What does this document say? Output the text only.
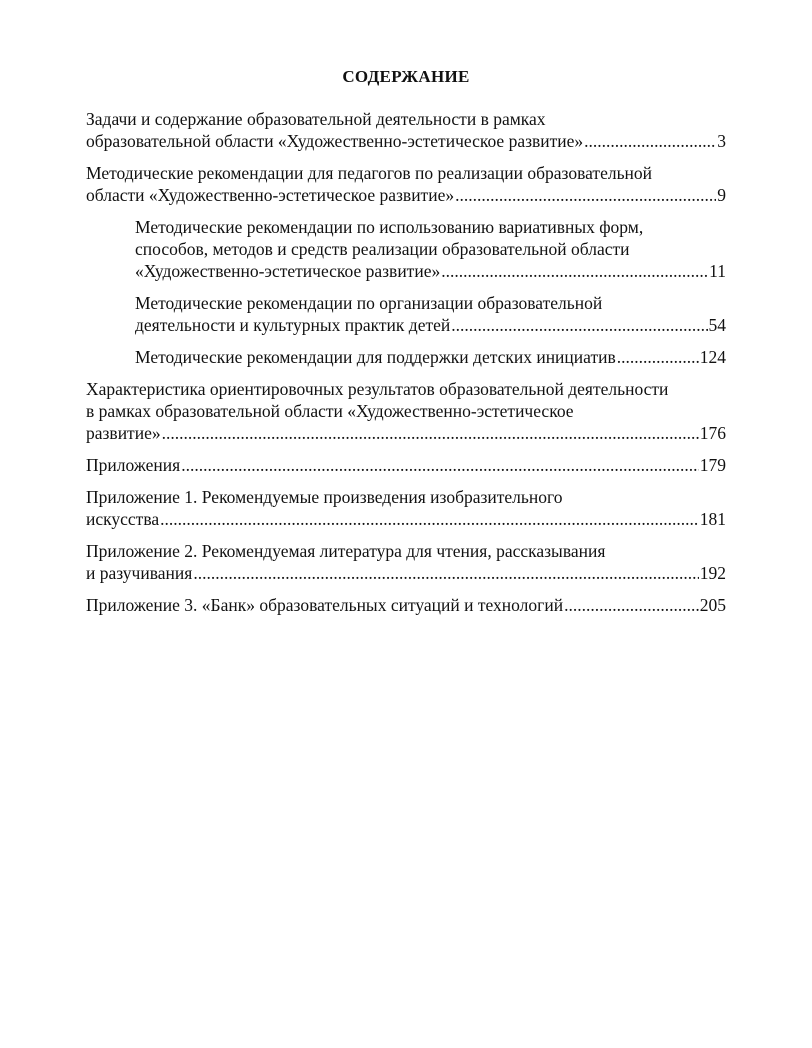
СОДЕРЖАНИЕ
Задачи и содержание образовательной деятельности в рамках
образовательной области «Художественно-эстетическое развитие» .....	3
Методические рекомендации для педагогов по реализации образовательной
области «Художественно-эстетическое развитие» .....	9
Методические рекомендации по использованию вариативных форм,
способов, методов и средств реализации образовательной области
«Художественно-эстетическое развитие» .....	11
Методические рекомендации по организации образовательной
деятельности и культурных практик детей .....	54
Методические рекомендации для поддержки детских инициатив .....	124
Характеристика ориентировочных результатов образовательной деятельности
в рамках образовательной области «Художественно-эстетическое
развитие» .....	176
Приложения .....	179
Приложение 1. Рекомендуемые произведения изобразительного
искусства .....	181
Приложение 2. Рекомендуемая литература для чтения, рассказывания
и разучивания .....	192
Приложение 3. «Банк» образовательных ситуаций и технологий .....	205
